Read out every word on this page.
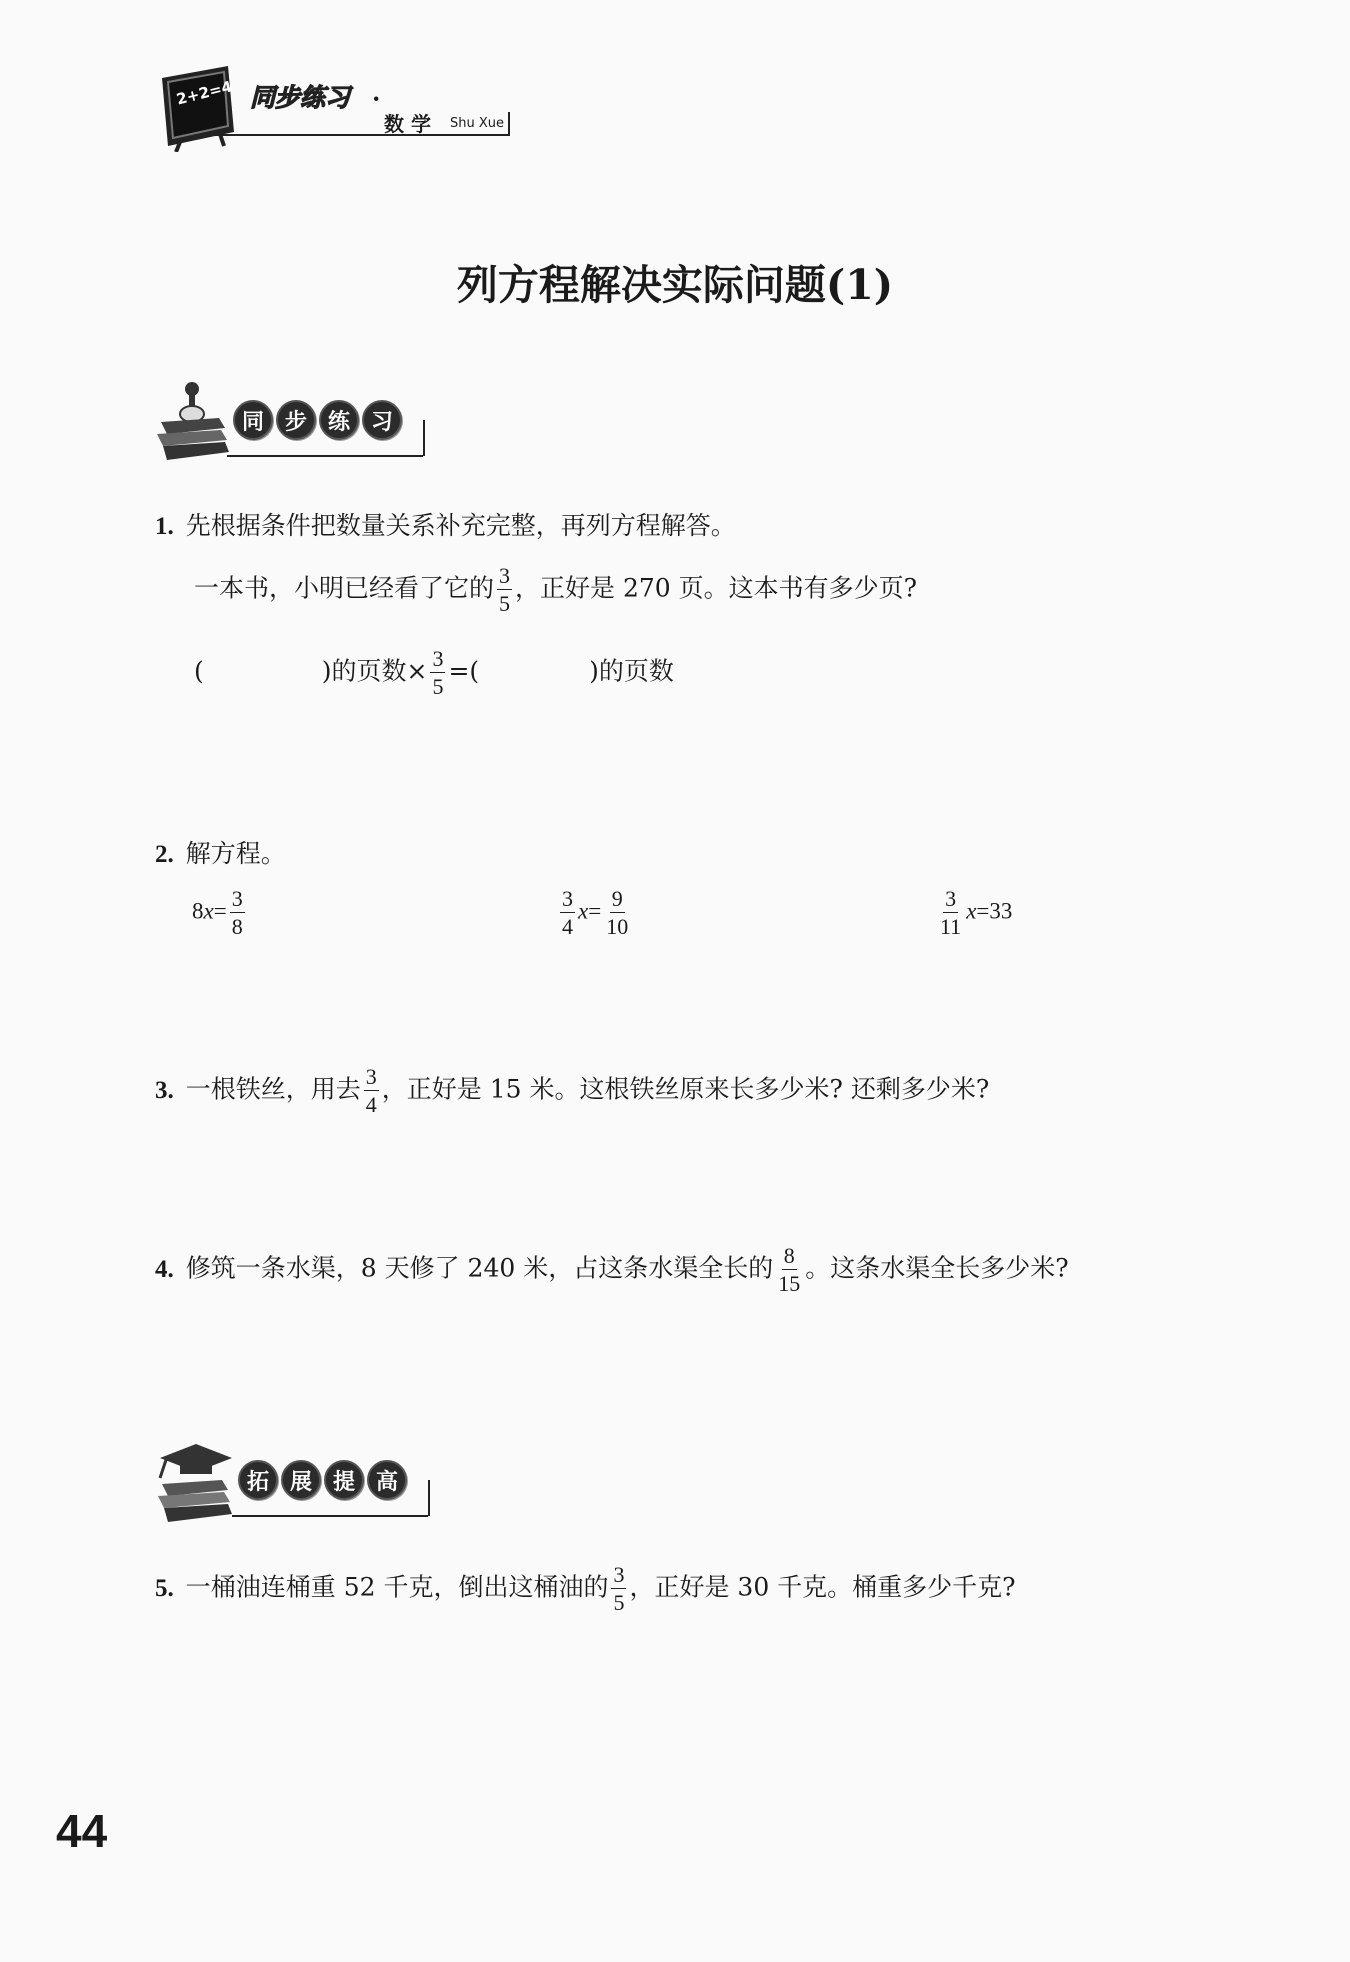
2+2=4 同步练习 ·
数 学 Shu Xue
列方程解决实际问题(1)
同 步 练 习
1. 先根据条件把数量关系补充完整，再列方程解答。
一本书，小明已经看了它的 $\frac{3}{5}$ ，正好是 270 页。这本书有多少页?
(	)的页数× $\frac{3}{5}$ =(	)的页数
2. 解方程。
$8x= \frac{3}{8}$	$\frac{3}{4} x= \frac{9}{10}$	$\frac{3}{11} x=33$
3. 一根铁丝，用去 $\frac{3}{4}$ ，正好是 15 米。这根铁丝原来长多少米? 还剩多少米?
4. 修筑一条水渠，8 天修了 240 米，占这条水渠全长的 $\frac{8}{15}$ 。这条水渠全长多少米?
拓 展 提 高
5. 一桶油连桶重 52 千克，倒出这桶油的 $\frac{3}{5}$ ，正好是 30 千克。桶重多少千克?
44
